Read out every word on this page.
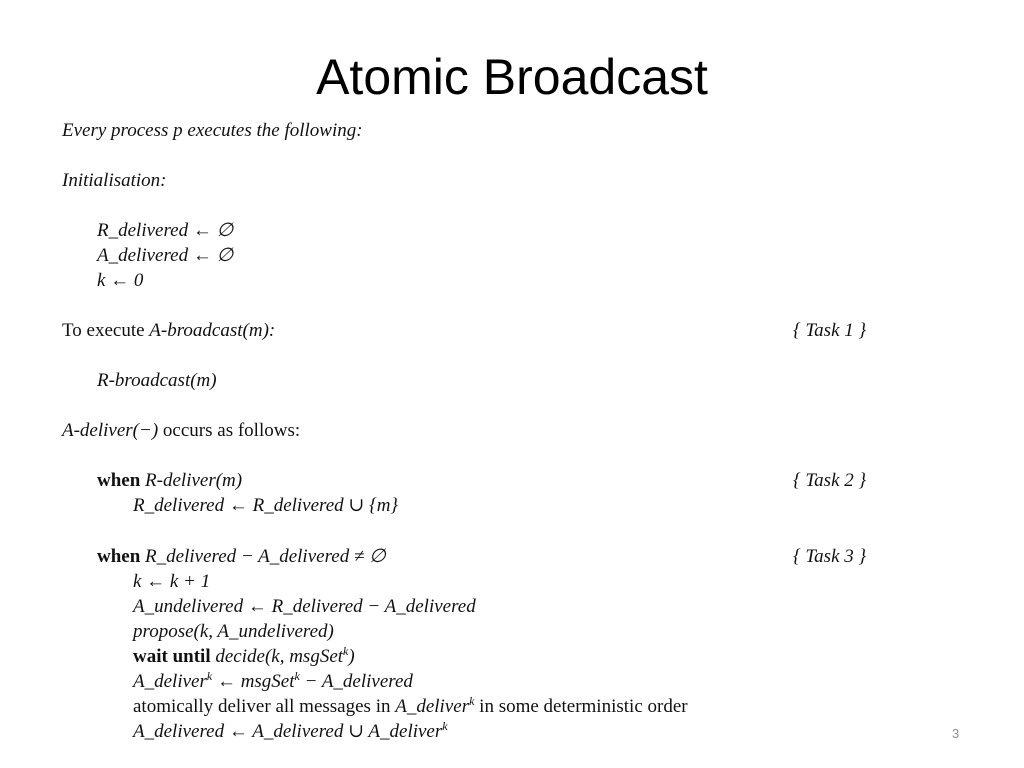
Atomic Broadcast
Every process p executes the following:
Initialisation:
R_delivered ← ∅
A_delivered ← ∅
k ← 0
To execute A-broadcast(m):	{ Task 1 }
R-broadcast(m)
A-deliver(−) occurs as follows:
when R-deliver(m)	{ Task 2 }
R_delivered ← R_delivered ∪ {m}
when R_delivered − A_delivered ≠ ∅	{ Task 3 }
k ← k + 1
A_undelivered ← R_delivered − A_delivered
propose(k, A_undelivered)
wait until decide(k, msgSet$^k$)
A_deliver$^k$ ← msgSet$^k$ − A_delivered
atomically deliver all messages in A_deliver$^k$ in some deterministic order
A_delivered ← A_delivered ∪ A_deliver$^k$	3
